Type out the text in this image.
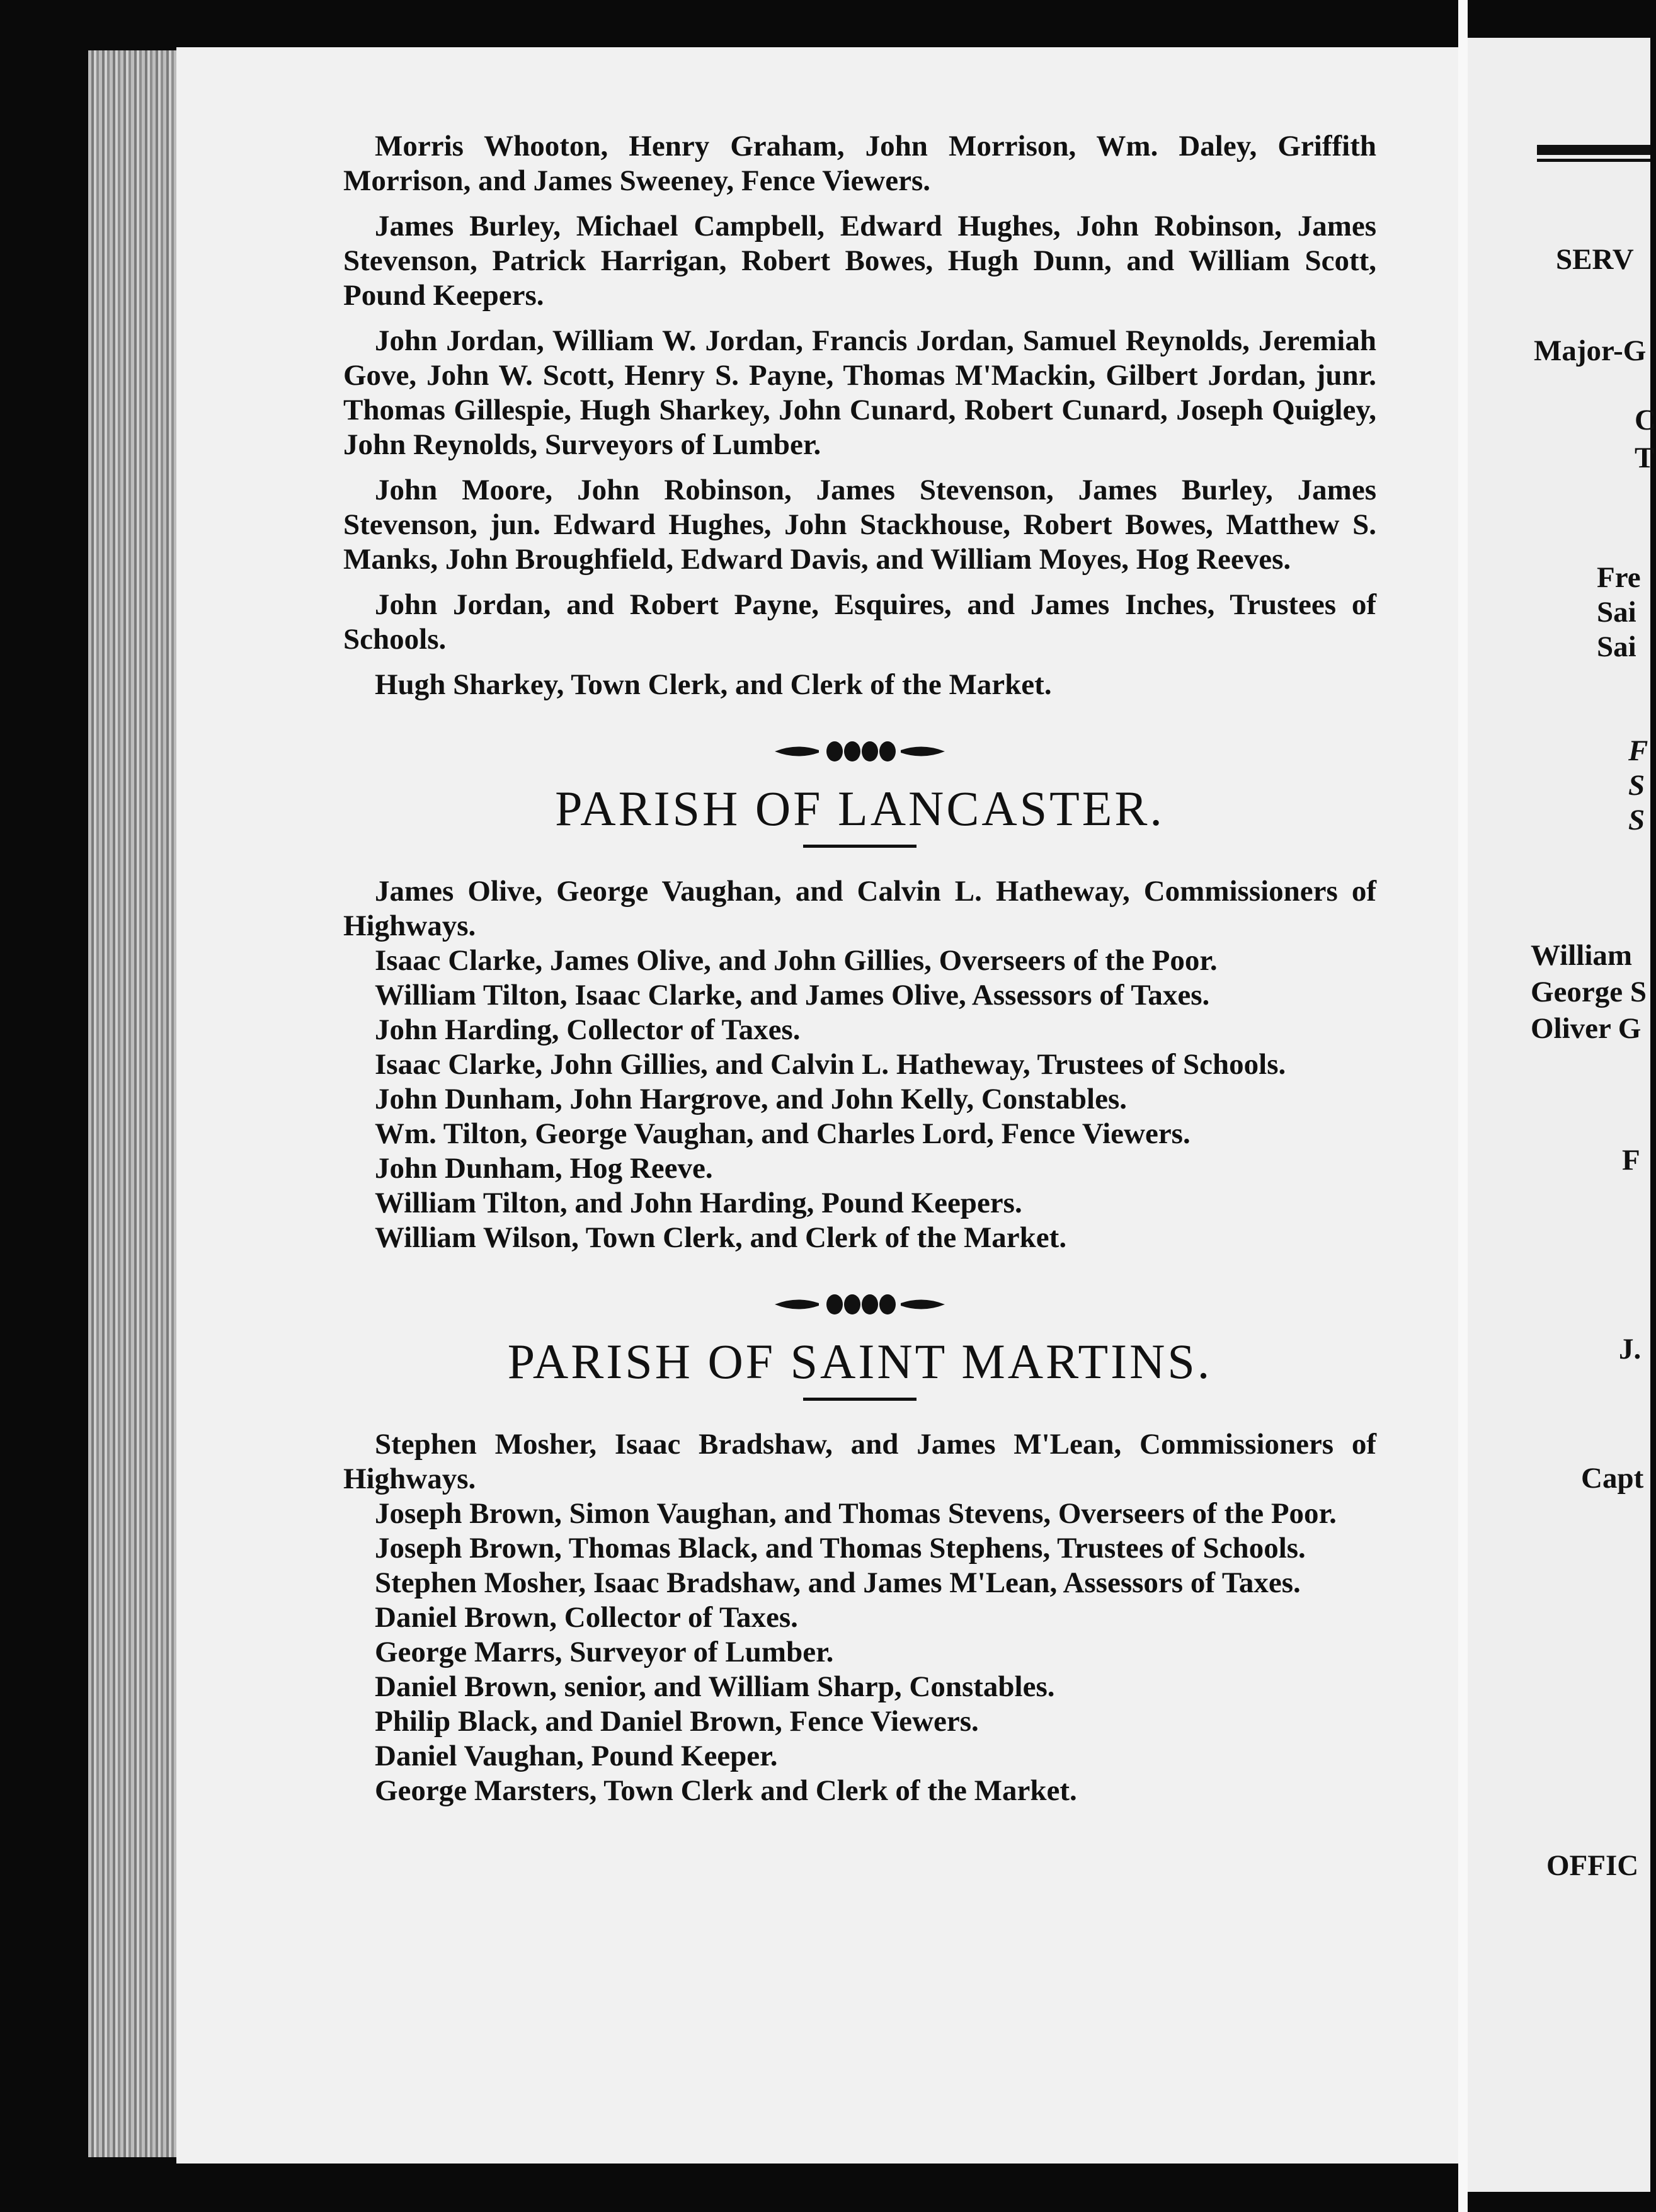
SERV
Major-G
C
T
Fre
Sai
Sai
F
S
S
William
George S
Oliver G
F
J.
Capt
OFFIC

Morris Whooton, Henry Graham, John Morrison, Wm. Daley, Griffith Morrison, and James Sweeney, Fence Viewers.

James Burley, Michael Campbell, Edward Hughes, John Robinson, James Stevenson, Patrick Harrigan, Robert Bowes, Hugh Dunn, and William Scott, Pound Keepers.

John Jordan, William W. Jordan, Francis Jordan, Samuel Reynolds, Jeremiah Gove, John W. Scott, Henry S. Payne, Thomas M'Mackin, Gilbert Jordan, junr. Thomas Gillespie, Hugh Sharkey, John Cunard, Robert Cunard, Joseph Quigley, John Reynolds, Surveyors of Lumber.

John Moore, John Robinson, James Stevenson, James Burley, James Stevenson, jun. Edward Hughes, John Stackhouse, Robert Bowes, Matthew S. Manks, John Broughfield, Edward Davis, and William Moyes, Hog Reeves.

John Jordan, and Robert Payne, Esquires, and James Inches, Trustees of Schools.

Hugh Sharkey, Town Clerk, and Clerk of the Market.

PARISH OF LANCASTER.

James Olive, George Vaughan, and Calvin L. Hatheway, Commissioners of Highways.

Isaac Clarke, James Olive, and John Gillies, Overseers of the Poor.

William Tilton, Isaac Clarke, and James Olive, Assessors of Taxes.

John Harding, Collector of Taxes.

Isaac Clarke, John Gillies, and Calvin L. Hatheway, Trustees of Schools.

John Dunham, John Hargrove, and John Kelly, Constables.

Wm. Tilton, George Vaughan, and Charles Lord, Fence Viewers.

John Dunham, Hog Reeve.

William Tilton, and John Harding, Pound Keepers.

William Wilson, Town Clerk, and Clerk of the Market.

PARISH OF SAINT MARTINS.

Stephen Mosher, Isaac Bradshaw, and James M'Lean, Commissioners of Highways.

Joseph Brown, Simon Vaughan, and Thomas Stevens, Overseers of the Poor.

Joseph Brown, Thomas Black, and Thomas Stephens, Trustees of Schools.

Stephen Mosher, Isaac Bradshaw, and James M'Lean, Assessors of Taxes.

Daniel Brown, Collector of Taxes.

George Marrs, Surveyor of Lumber.

Daniel Brown, senior, and William Sharp, Constables.

Philip Black, and Daniel Brown, Fence Viewers.

Daniel Vaughan, Pound Keeper.

George Marsters, Town Clerk and Clerk of the Market.
